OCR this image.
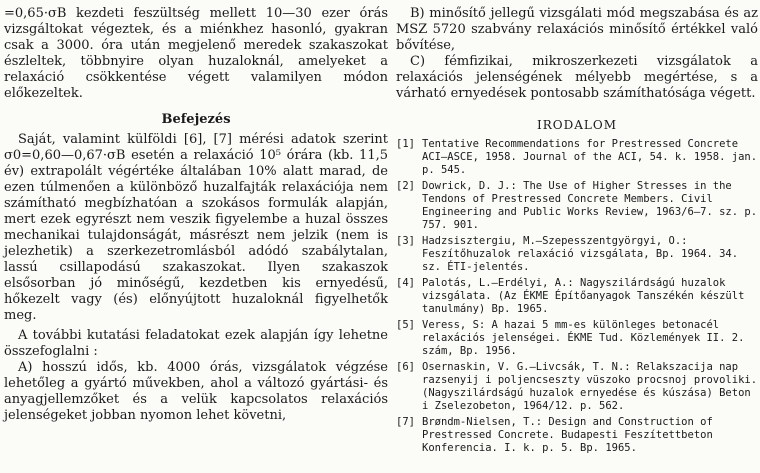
=0,65·σB kezdeti feszültség mellett 10—30 ezer órás vizsgáltokat végeztek, és a miénkhez hasonló, gyakran csak a 3000. óra után megjelenő meredek szakaszokat észleltek, többnyire olyan huzaloknál, amelyeket a relaxáció csökkentése végett valamilyen módon előkezeltek.

Befejezés

Saját, valamint külföldi [6], [7] mérési adatok szerint σ0=0,60—0,67·σB esetén a relaxáció 10⁵ órára (kb. 11,5 év) extrapolált végértéke általában 10% alatt marad, de ezen túlmenően a különböző huzalfajták relaxációja nem számítható megbízhatóan a szokásos formulák alapján, mert ezek egyrészt nem veszik figyelembe a huzal összes mechanikai tulajdonságát, másrészt nem jelzik (nem is jelezhetik) a szerkezetromlásból adódó szabálytalan, lassú csillapodású szakaszokat. Ilyen szakaszok elsősorban jó minőségű, kezdetben kis ernyedésű, hőkezelt vagy (és) előnyújtott huzaloknál figyelhetők meg.

A további kutatási feladatokat ezek alapján így lehetne összefoglalni :

A) hosszú idős, kb. 4000 órás, vizsgálatok végzése lehetőleg a gyártó művekben, ahol a változó gyártási- és anyagjellemzőket és a velük kapcsolatos relaxációs jelenségeket jobban nyomon lehet követni,

B) minősítő jellegű vizsgálati mód megszabása és az MSZ 5720 szabvány relaxációs minősítő értékkel való bővítése,

C) fémfizikai, mikroszerkezeti vizsgálatok a relaxációs jelenségének mélyebb megértése, s a várható ernyedések pontosabb számíthatósága végett.

IRODALOM
[1] Tentative Recommendations for Prestressed Concrete ACI—ASCE, 1958. Journal of the ACI, 54. k. 1958. jan. p. 545.
[2] Dowrick, D. J.: The Use of Higher Stresses in the Tendons of Prestressed Concrete Members. Civil Engineering and Public Works Review, 1963/6—7. sz. p. 757. 901.
[3] Hadzsisztergiu, M.—Szepesszentgyörgyi, O.: Feszítőhuzalok relaxáció vizsgálata, Bp. 1964. 34. sz. ÉTI-jelentés.
[4] Palotás, L.—Erdélyi, A.: Nagyszilárdságú huzalok vizsgálata. (Az ÉKME Építőanyagok Tanszékén készült tanulmány) Bp. 1965.
[5] Veress, S: A hazai 5 mm-es különleges betonacél relaxációs jelenségei. ÉKME Tud. Közlemények II. 2. szám, Bp. 1956.
[6] Osernaskin, V. G.—Livcsák, T. N.: Relakszacija nap razsenyij i poljencseszty vüszoko procsnoj provoliki. (Nagyszilárdságú huzalok ernyedése és kúszása) Beton i Zselezobeton, 1964/12. p. 562.
[7] Brøndm-Nielsen, T.: Design and Construction of Prestressed Concrete. Budapesti Feszítettbeton Konferencia. I. k. p. 5. Bp. 1965.
